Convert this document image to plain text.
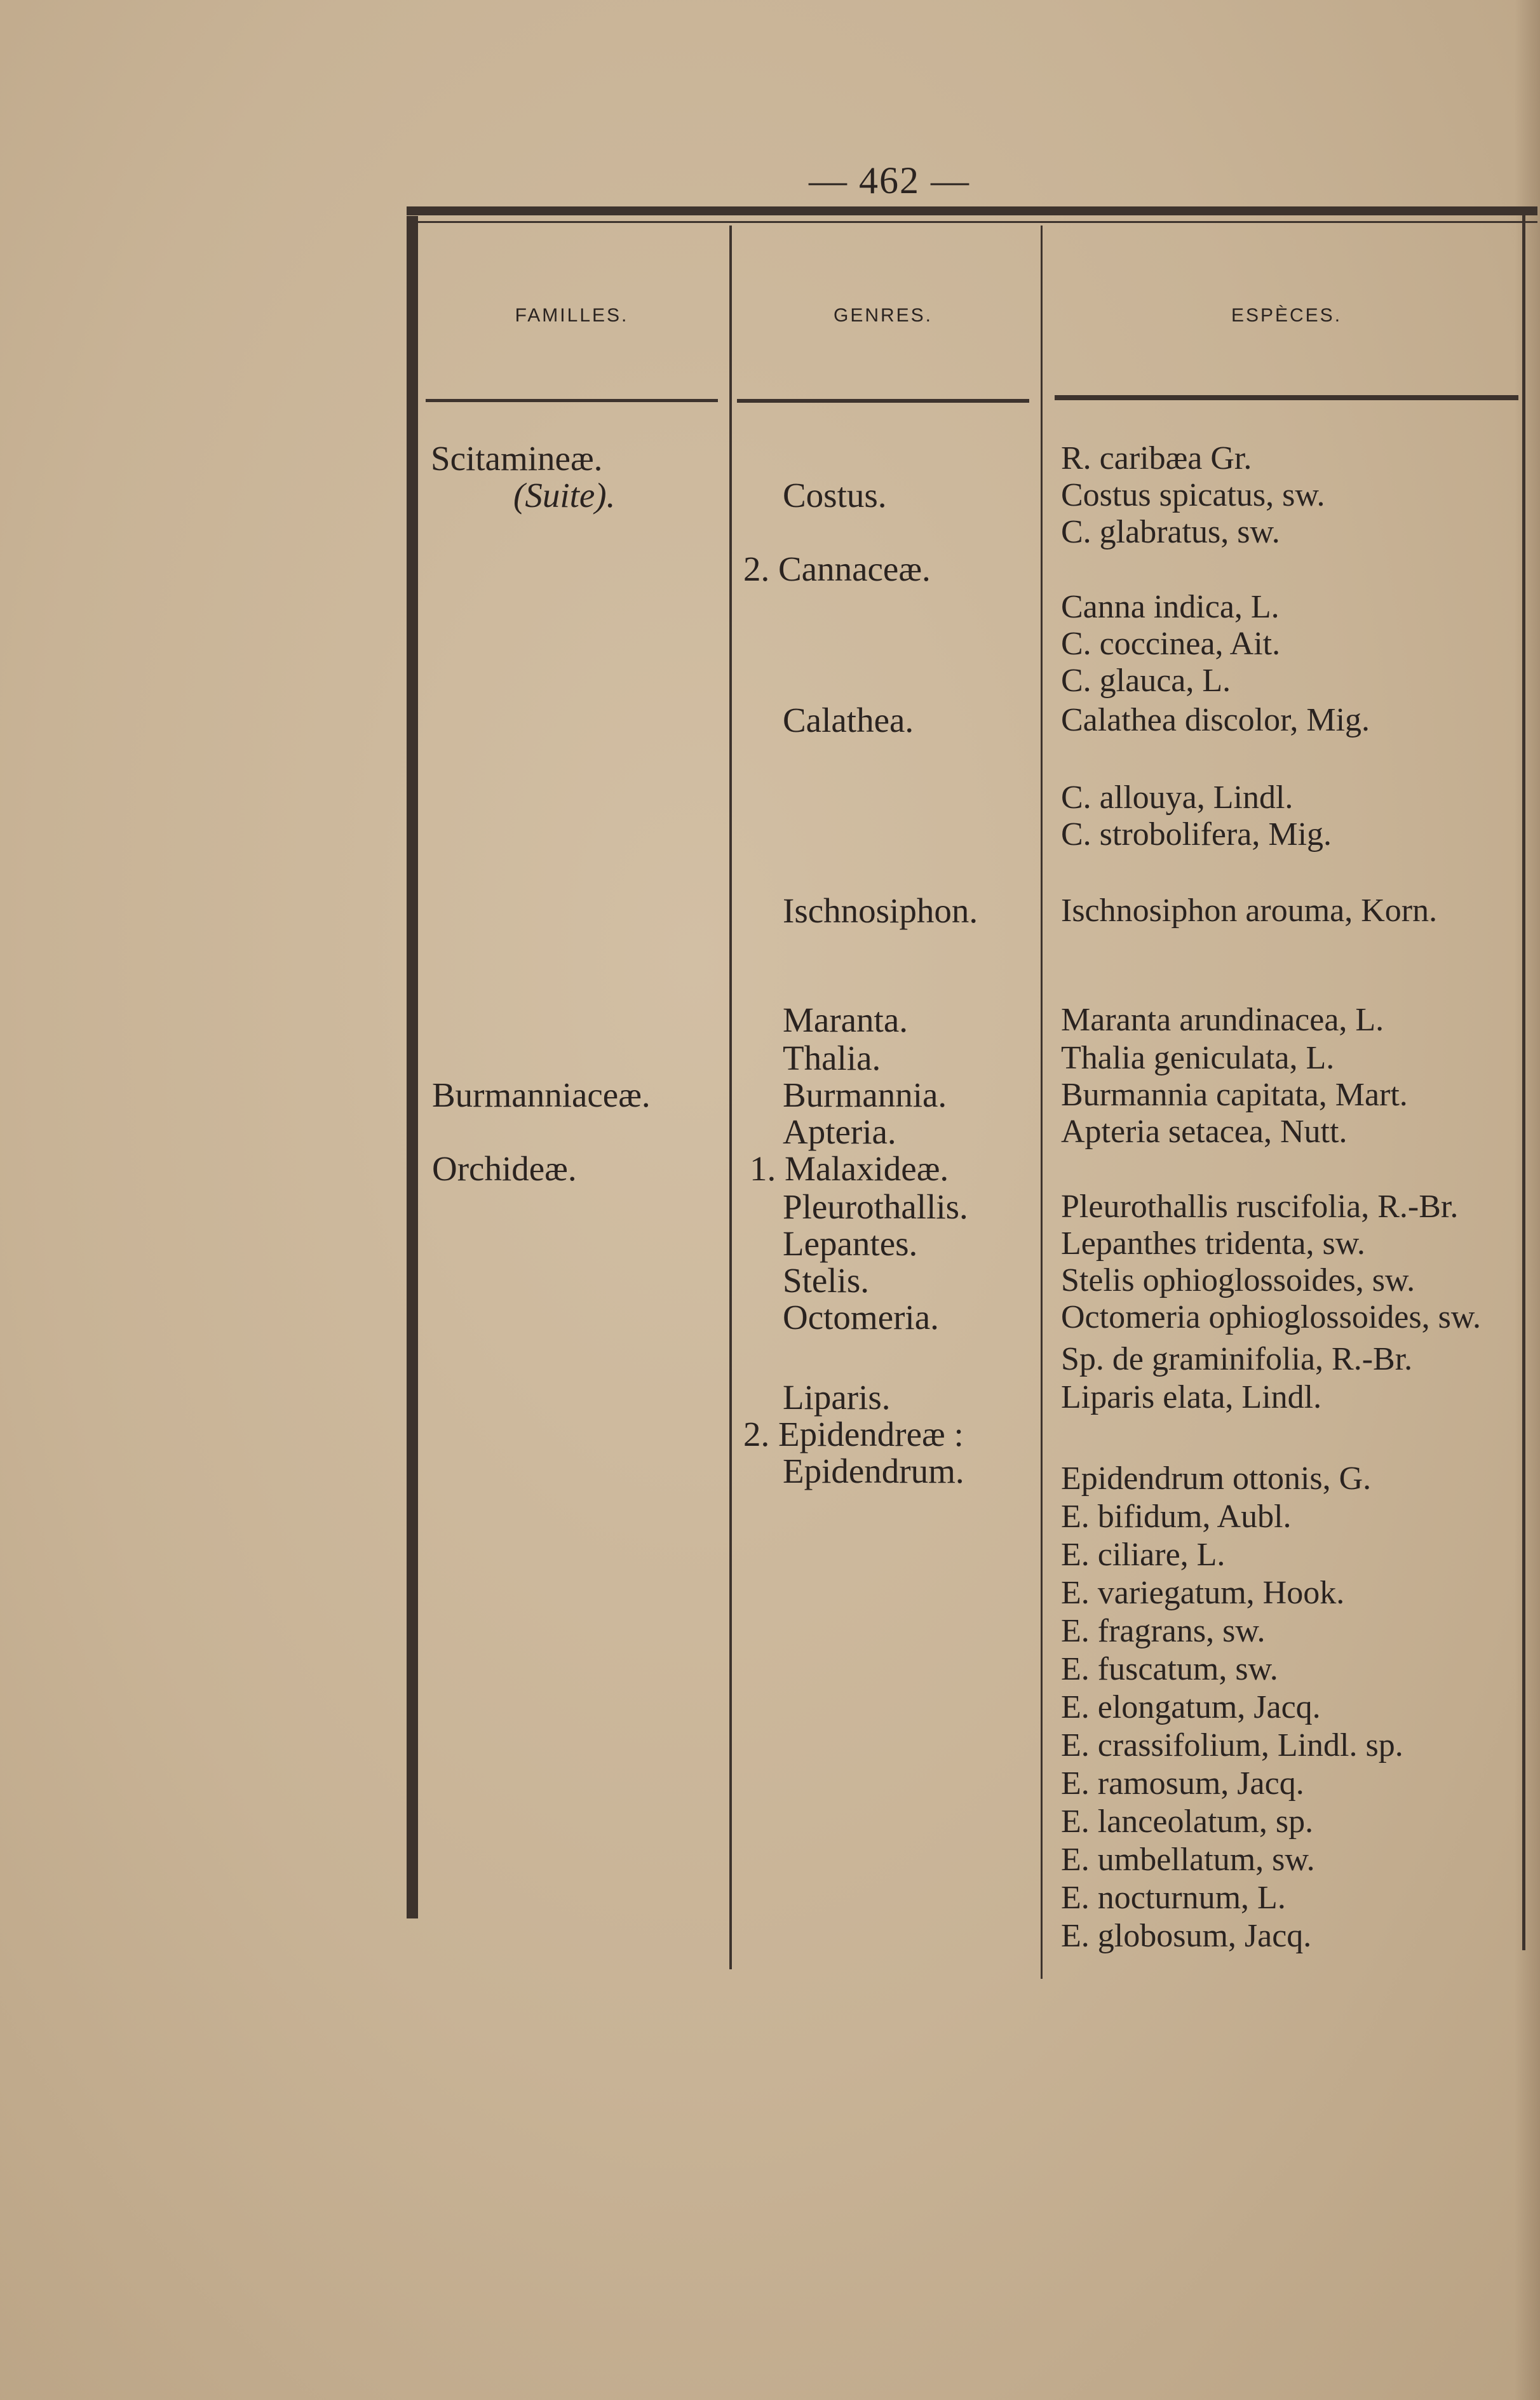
— 462 —
FAMILLES.	GENRES.	ESPÈCES.
Scitamineæ.
(Suite).
Burmanniaceæ.
Orchideæ.
Costus.
2. Cannaceæ.
Calathea.
Ischnosiphon.
Maranta.
Thalia.
Burmannia.
Apteria.
1. Malaxideæ.
Pleurothallis.
Lepantes.
Stelis.
Octomeria.
Liparis.
2. Epidendreæ :
Epidendrum.
R. caribæa Gr.
Costus spicatus, sw.
C. glabratus, sw.
Canna indica, L.
C. coccinea, Ait.
C. glauca, L.
Calathea discolor, Mig.
C. allouya, Lindl.
C. strobolifera, Mig.
Ischnosiphon arouma, Korn.
Maranta arundinacea, L.
Thalia geniculata, L.
Burmannia capitata, Mart.
Apteria setacea, Nutt.
Pleurothallis ruscifolia, R.-Br.
Lepanthes tridenta, sw.
Stelis ophioglossoides, sw.
Octomeria ophioglossoides, sw.
Sp. de graminifolia, R.-Br.
Liparis elata, Lindl.
Epidendrum ottonis, G.
E. bifidum, Aubl.
E. ciliare, L.
E. variegatum, Hook.
E. fragrans, sw.
E. fuscatum, sw.
E. elongatum, Jacq.
E. crassifolium, Lindl. sp.
E. ramosum, Jacq.
E. lanceolatum, sp.
E. umbellatum, sw.
E. nocturnum, L.
E. globosum, Jacq.
